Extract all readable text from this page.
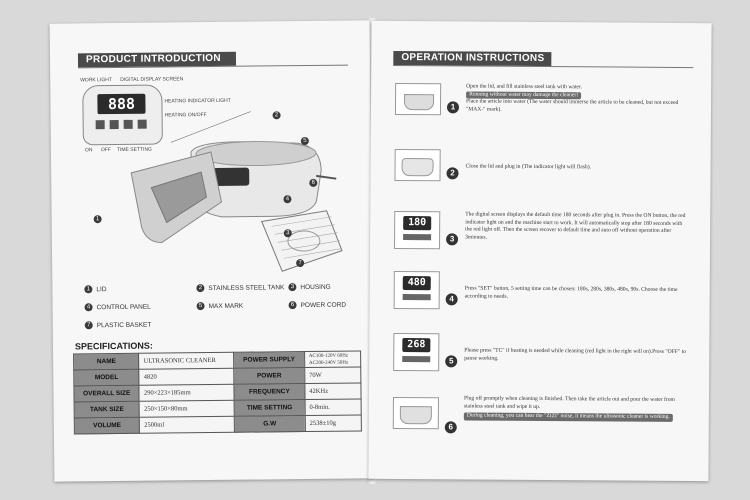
PRODUCT INTRODUCTION
WORK LIGHT DIGITAL DISPLAY SCREEN
888	HEATING INDICATOR LIGHT
HEATING ON/OFF
ON OFF TIME SETTING
2
5
6
4
3
7
1
1 LID	2 STAINLESS STEEL TANK	3 HOUSING
4 CONTROL PANEL	5 MAX MARK	6 POWER CORD
7 PLASTIC BASKET
SPECIFICATIONS:
NAME	ULTRASONIC CLEANER	POWER SUPPLY	AC100-120V 60Hz
AC200-240V 50Hz

MODEL	4820	POWER	70W
OVERALL SIZE	290×223×185mm	FREQUENCY	42KHz
TANK SIZE	250×150×80mm	TIME SETTING	0-8min.
VOLUME	2500ml	G.W	2538±10g
OPERATION INSTRUCTIONS
1
Open the lid, and fill stainless steel tank with water.
Running without water may damage the cleaner!
Place the article into water (The water should immerse the article to be cleaned, but not exceed "MAX-" mark).
2
Close the lid and plug in (The indicator light will flash).
180
3
The digital screen displays the default time 180 seconds after plug in. Press the ON button, the red indicator light on and the machine start to work. It will automatically stop after 180 seconds with the red light off. Then the screen recover to default time and auto off without operation after 3minutes.
480
4
Press "SET" button, 5 setting time can be chosen: 180s, 280s, 380s, 480s, 90s. Choose the time according to needs.
268
5
Please press "TC" if heating is needed while cleaning (red light in the right will on).Press "OFF" to pause working.
6
Plug off promptly when cleaning is finished. Then take the article out and pour the water from stainless steel tank and wipe it up.
During cleaning, you can hear the "ZIZI" noise, it means the ultrasonic cleaner is working.
